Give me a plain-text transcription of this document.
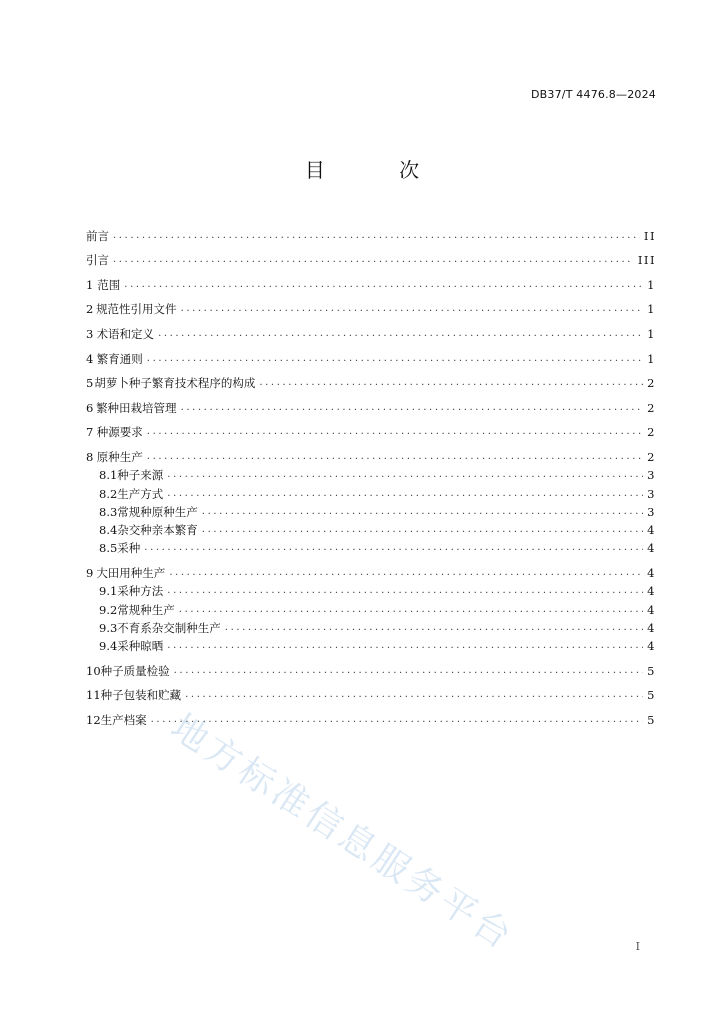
DB37/T 4476.8—2024
目 次
前言 .....	II
引言 .....	III
1 范围 .....	1
2 规范性引用文件 .....	1
3 术语和定义 .....	1
4 繁育通则 .....	1
5 胡萝卜种子繁育技术程序的构成 .....	2
6 繁种田栽培管理 .....	2
7 种源要求 .....	2
8 原种生产 .....	2
8.1 种子来源 .....	3
8.2 生产方式 .....	3
8.3 常规种原种生产 .....	3
8.4 杂交种亲本繁育 .....	4
8.5 采种 .....	4
9 大田用种生产 .....	4
9.1 采种方法 .....	4
9.2 常规种生产 .....	4
9.3 不育系杂交制种生产 .....	4
9.4 采种晾晒 .....	4
10 种子质量检验 .....	5
11 种子包装和贮藏 .....	5
12 生产档案 .....	5
I
地方标准信息服务平台
